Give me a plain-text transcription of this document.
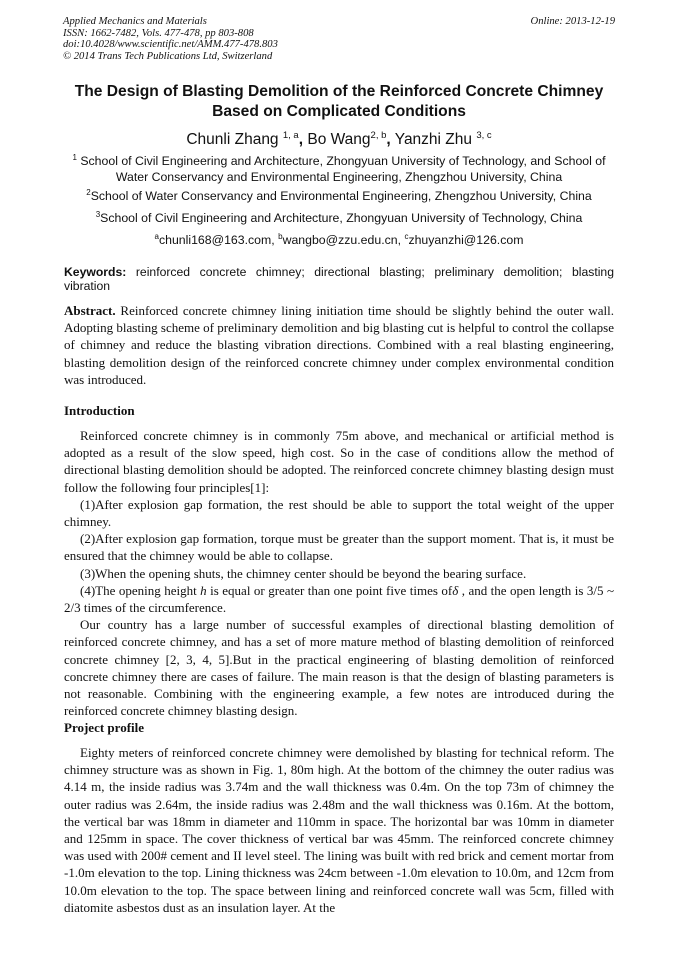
Applied Mechanics and Materials
ISSN: 1662-7482, Vols. 477-478, pp 803-808
doi:10.4028/www.scientific.net/AMM.477-478.803
© 2014 Trans Tech Publications Ltd, Switzerland
Online: 2013-12-19
The Design of Blasting Demolition of the Reinforced Concrete Chimney
Based on Complicated Conditions
Chunli Zhang $^{1, a}$, Bo Wang$^{2, b}$, Yanzhi Zhu $^{3, c}$
$^1$ School of Civil Engineering and Architecture, Zhongyuan University of Technology, and School of
Water Conservancy and Environmental Engineering, Zhengzhou University, China
$^2$School of Water Conservancy and Environmental Engineering, Zhengzhou University, China
$^3$School of Civil Engineering and Architecture, Zhongyuan University of Technology, China
$^a$chunli168@163.com, $^b$wangbo@zzu.edu.cn, $^c$zhuyanzhi@126.com
Keywords: reinforced concrete chimney; directional blasting; preliminary demolition; blasting vibration
Abstract. Reinforced concrete chimney lining initiation time should be slightly behind the outer wall. Adopting blasting scheme of preliminary demolition and big blasting cut is helpful to control the collapse of chimney and reduce the blasting vibration directions. Combined with a real blasting engineering, blasting demolition design of the reinforced concrete chimney under complex environmental condition was introduced.
Introduction

Reinforced concrete chimney is in commonly 75m above, and mechanical or artificial method is adopted as a result of the slow speed, high cost. So in the case of conditions allow the method of directional blasting demolition should be adopted. The reinforced concrete chimney blasting design must follow the following four principles[1]:

(1)After explosion gap formation, the rest should be able to support the total weight of the upper chimney.

(2)After explosion gap formation, torque must be greater than the support moment. That is, it must be ensured that the chimney would be able to collapse.

(3)When the opening shuts, the chimney center should be beyond the bearing surface.

(4)The opening height h is equal or greater than one point five times ofδ , and the open length is 3/5 ~ 2/3 times of the circumference.

Our country has a large number of successful examples of directional blasting demolition of reinforced concrete chimney, and has a set of more mature method of blasting demolition of reinforced concrete chimney [2, 3, 4, 5].But in the practical engineering of blasting demolition of reinforced concrete chimney there are cases of failure. The main reason is that the design of blasting parameters is not reasonable. Combining with the engineering example, a few notes are introduced during the reinforced concrete chimney blasting design.

Project profile

Eighty meters of reinforced concrete chimney were demolished by blasting for technical reform. The chimney structure was as shown in Fig. 1, 80m high. At the bottom of the chimney the outer radius was 4.14 m, the inside radius was 3.74m and the wall thickness was 0.4m. On the top 73m of chimney the outer radius was 2.64m, the inside radius was 2.48m and the wall thickness was 0.16m. At the bottom, the vertical bar was 18mm in diameter and 110mm in space. The horizontal bar was 10mm in diameter and 125mm in space. The cover thickness of vertical bar was 45mm. The reinforced concrete chimney was used with 200# cement and II level steel. The lining was built with red brick and cement mortar from -1.0m elevation to the top. Lining thickness was 24cm between -1.0m elevation to 10.0m, and 12cm from 10.0m elevation to the top. The space between lining and reinforced concrete wall was 5cm, filled with diatomite asbestos dust as an insulation layer. At the
